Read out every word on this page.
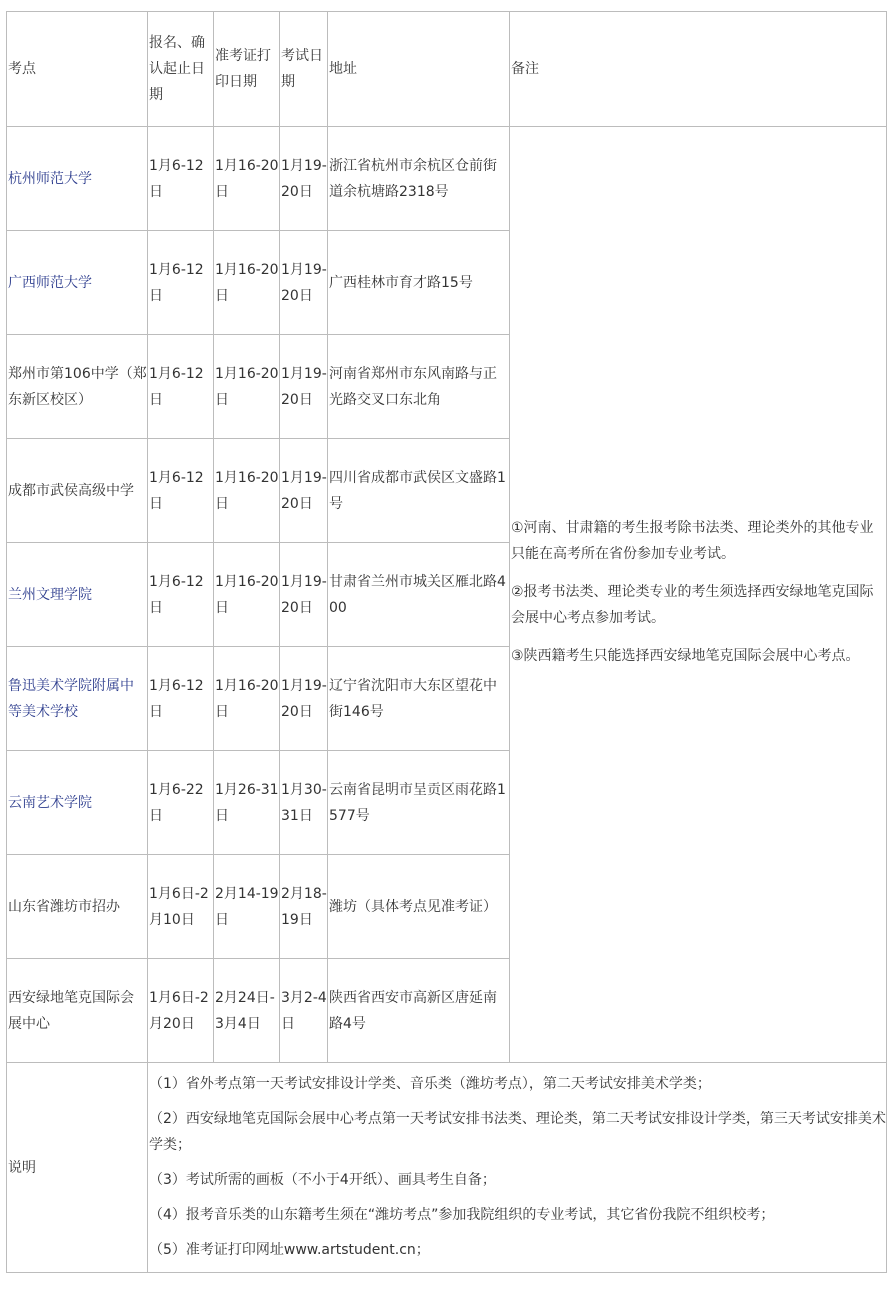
考点	报名、确认起止日期	准考证打印日期	考试日期	地址	备注
杭州师范大学	1月6-12日	1月16-20日	1月19-20日	浙江省杭州市余杭区仓前街道余杭塘路2318号	①河南、甘肃籍的考生报考除书法类、理论类外的其他专业只能在高考所在省份参加专业考试。

②报考书法类、理论类专业的考生须选择西安绿地笔克国际会展中心考点参加考试。

③陕西籍考生只能选择西安绿地笔克国际会展中心考点。

广西师范大学	1月6-12日	1月16-20日	1月19-20日	广西桂林市育才路15号	
郑州市第106中学（郑东新区校区）	1月6-12日	1月16-20日	1月19-20日	河南省郑州市东风南路与正光路交叉口东北角	
成都市武侯高级中学	1月6-12日	1月16-20日	1月19-20日	四川省成都市武侯区文盛路1号	
兰州文理学院	1月6-12日	1月16-20日	1月19-20日	甘肃省兰州市城关区雁北路400	
鲁迅美术学院附属中等美术学校	1月6-12日	1月16-20日	1月19-20日	辽宁省沈阳市大东区望花中街146号	
云南艺术学院	1月6-22日	1月26-31日	1月30-31日	云南省昆明市呈贡区雨花路1577号	
山东省潍坊市招办	1月6日-2月10日	2月14-19日	2月18-19日	潍坊（具体考点见准考证）	
西安绿地笔克国际会展中心	1月6日-2月20日	2月24日-3月4日	3月2-4日	陕西省西安市高新区唐延南路4号	
说明	（1）省外考点第一天考试安排设计学类、音乐类（潍坊考点），第二天考试安排美术学类；
（2）西安绿地笔克国际会展中心考点第一天考试安排书法类、理论类，第二天考试安排设计学类，第三天考试安排美术学类；
（3）考试所需的画板（不小于4开纸）、画具考生自备；
（4）报考音乐类的山东籍考生须在“潍坊考点”参加我院组织的专业考试，其它省份我院不组织校考；
（5）准考证打印网址www.artstudent.cn；				
